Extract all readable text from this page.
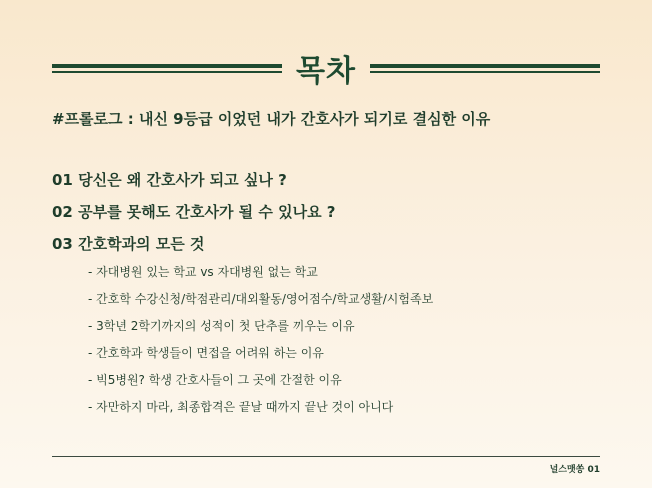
목차
#프롤로그 : 내신 9등급 이었던 내가 간호사가 되기로 결심한 이유
01 당신은 왜 간호사가 되고 싶나 ?
02 공부를 못해도 간호사가 될 수 있나요 ?
03 간호학과의 모든 것
- 자대병원 있는 학교 vs 자대병원 없는 학교
- 간호학 수강신청/학점관리/대외활동/영어점수/학교생활/시험족보
- 3학년 2학기까지의 성적이 첫 단추를 끼우는 이유
- 간호학과 학생들이 면접을 어려워 하는 이유
- 빅5병원? 학생 간호사들이 그 곳에 간절한 이유
- 자만하지 마라, 최종합격은 끝날 때까지 끝난 것이 아니다
널스맷쏭 01
